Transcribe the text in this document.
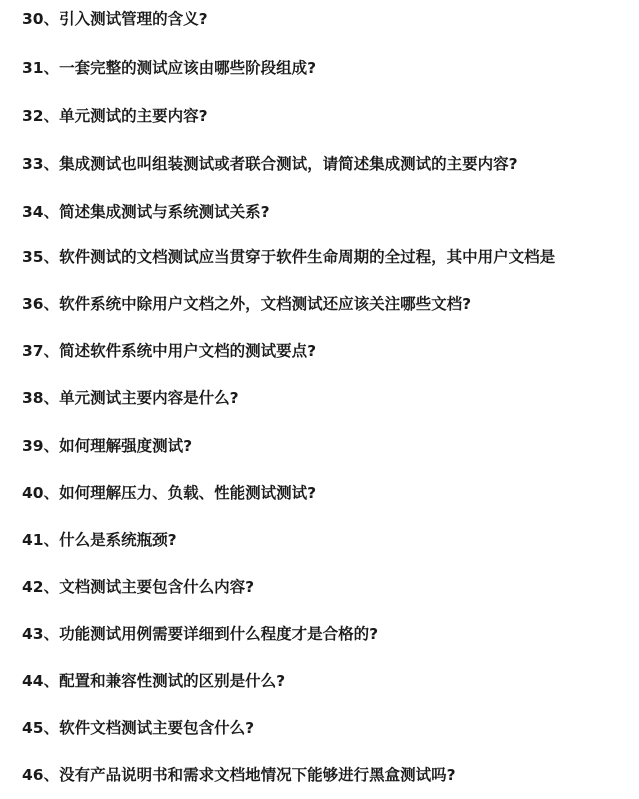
30、引入测试管理的含义?
31、一套完整的测试应该由哪些阶段组成?
32、单元测试的主要内容?
33、集成测试也叫组装测试或者联合测试，请简述集成测试的主要内容?
34、简述集成测试与系统测试关系?
35、软件测试的文档测试应当贯穿于软件生命周期的全过程，其中用户文档是
36、软件系统中除用户文档之外，文档测试还应该关注哪些文档?
37、简述软件系统中用户文档的测试要点?
38、单元测试主要内容是什么?
39、如何理解强度测试?
40、如何理解压力、负载、性能测试测试?
41、什么是系统瓶颈?
42、文档测试主要包含什么内容?
43、功能测试用例需要详细到什么程度才是合格的?
44、配置和兼容性测试的区别是什么?
45、软件文档测试主要包含什么?
46、没有产品说明书和需求文档地情况下能够进行黑盒测试吗?
